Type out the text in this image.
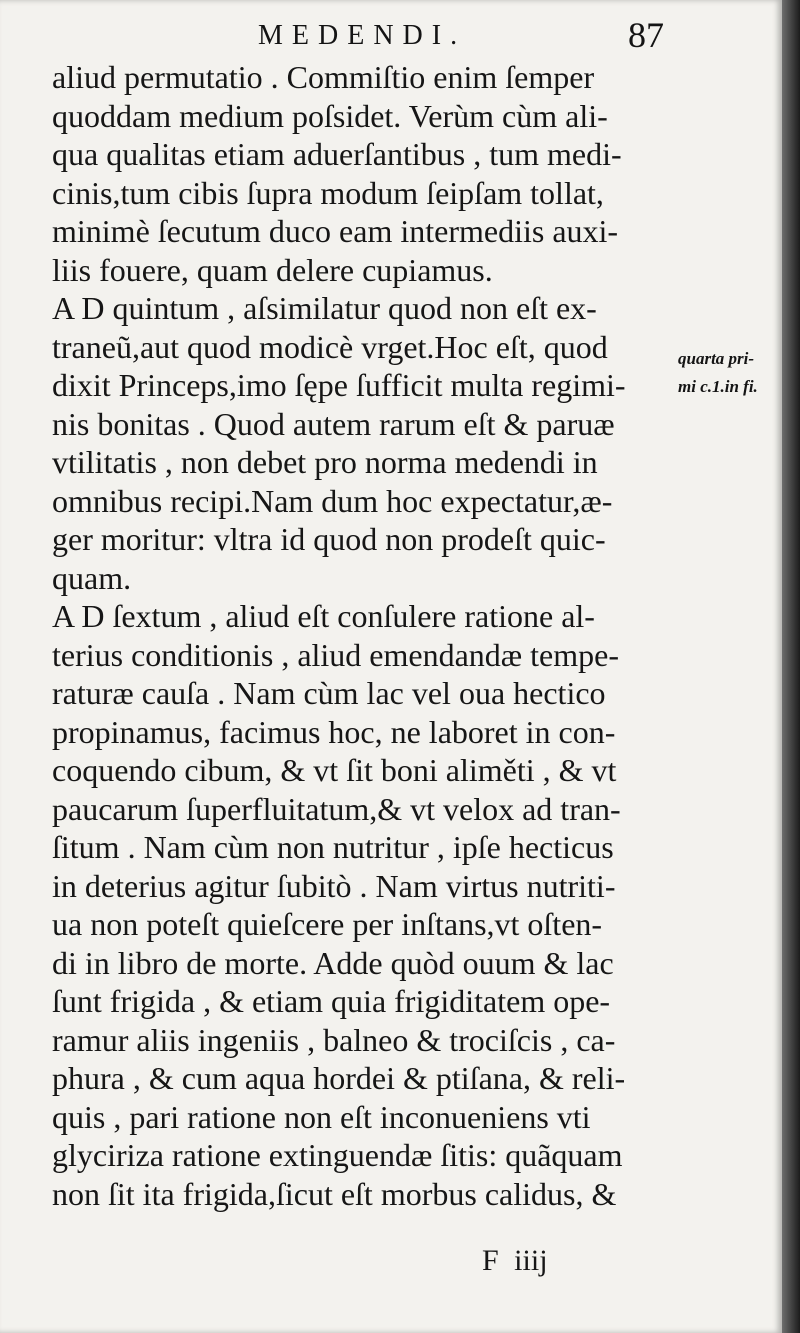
MEDENDI.	87
aliud permutatio . Commiſtio enim ſemper
quoddam medium poſsidet. Verùm cùm ali-
qua qualitas etiam aduerſantibus , tum medi-
cinis,tum cibis ſupra modum ſeipſam tollat,
minimè ſecutum duco eam intermediis auxi-
liis fouere, quam delere cupiamus.
A D quintum , aſsimilatur quod non eſt ex-
traneũ,aut quod modicè vrget.Hoc eſt, quod
dixit Princeps,imo ſępe ſufficit multa regimi-
nis bonitas . Quod autem rarum eſt & paruæ
vtilitatis , non debet pro norma medendi in
omnibus recipi.Nam dum hoc expectatur,æ-
ger moritur: vltra id quod non prodeſt quic-
quam.
A D ſextum , aliud eſt conſulere ratione al-
terius conditionis , aliud emendandæ tempe-
raturæ cauſa . Nam cùm lac vel oua hectico
propinamus, facimus hoc, ne laboret in con-
coquendo cibum, & vt ſit boni aliměti , & vt
paucarum ſuperfluitatum,& vt velox ad tran-
ſitum . Nam cùm non nutritur , ipſe hecticus
in deterius agitur ſubitò . Nam virtus nutriti-
ua non poteſt quieſcere per inſtans,vt oſten-
di in libro de morte. Adde quòd ouum & lac
ſunt frigida , & etiam quia frigiditatem ope-
ramur aliis ingeniis , balneo & trociſcis , ca-
phura , & cum aqua hordei & ptiſana, & reli-
quis , pari ratione non eſt inconueniens vti
glyciriza ratione extinguendæ ſitis: quãquam
non ſit ita frigida,ſicut eſt morbus calidus, &
quarta pri-
mi c.1.in fi.
F iiij
